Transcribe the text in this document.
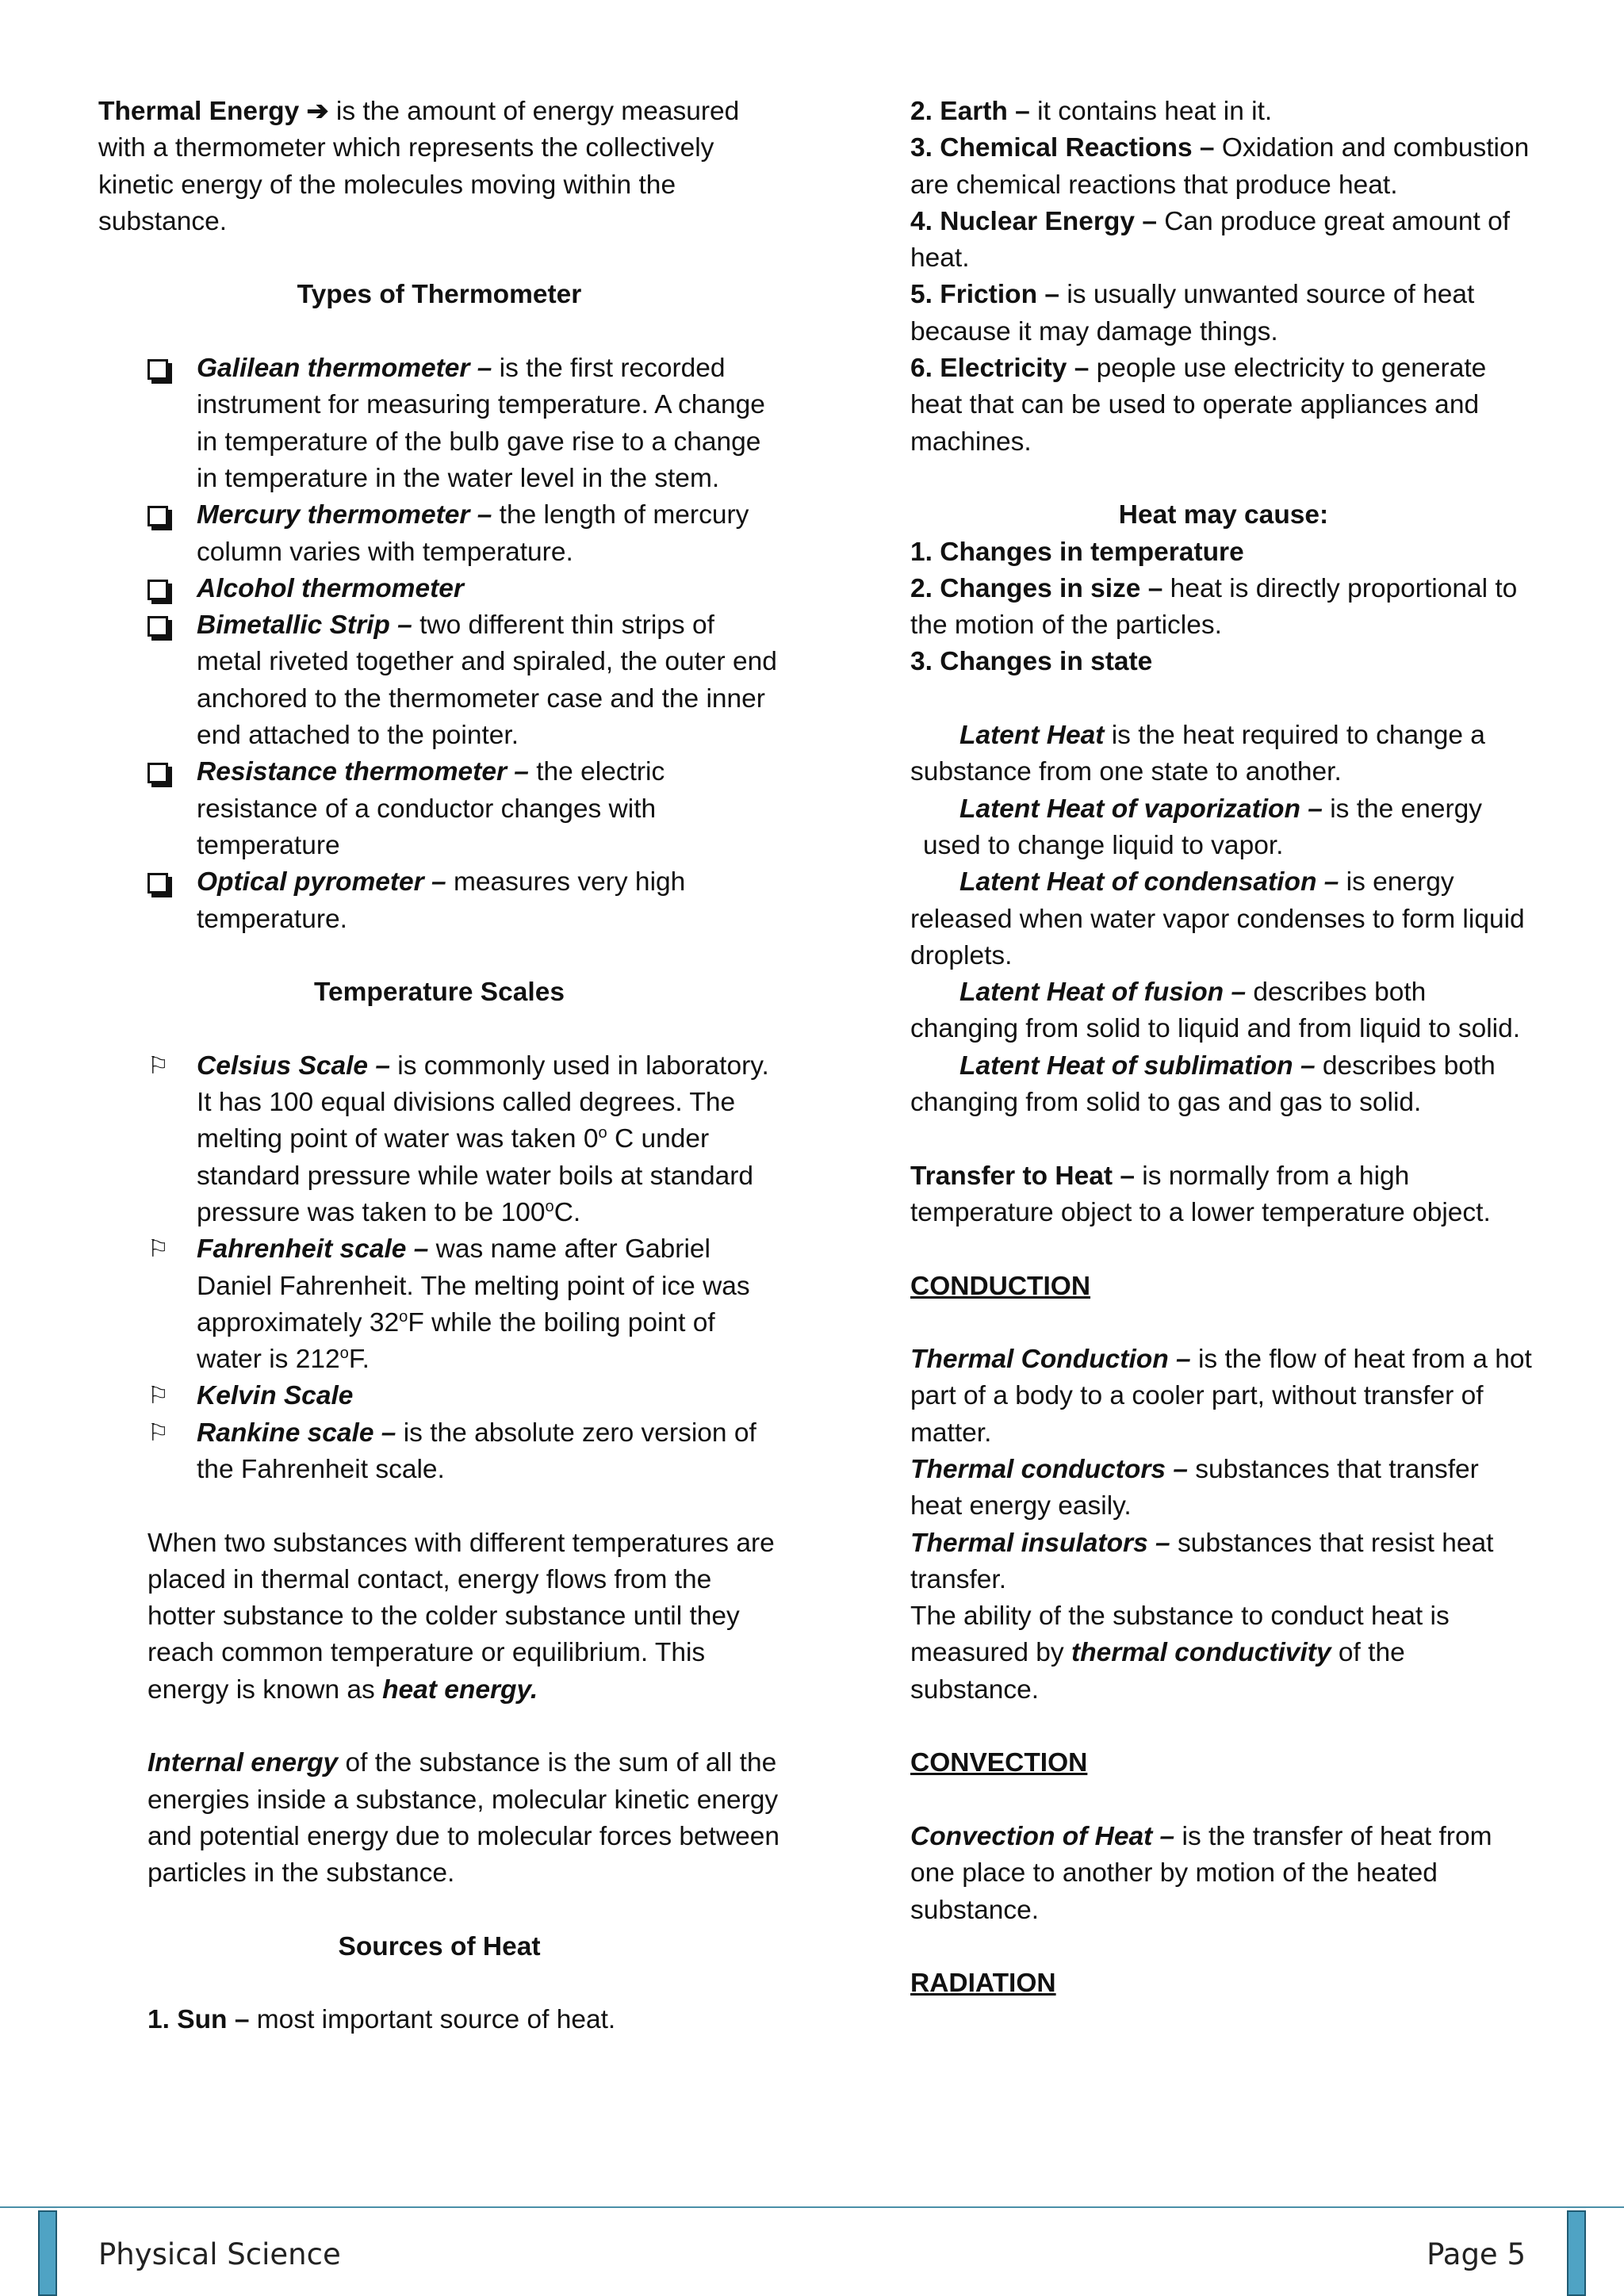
Thermal Energy ➔ is the amount of energy measured with a thermometer which represents the collectively kinetic energy of the molecules moving within the substance.

Types of Thermometer

Galilean thermometer – is the first recorded instrument for measuring temperature. A change in temperature of the bulb gave rise to a change in temperature in the water level in the stem.
Mercury thermometer – the length of mercury column varies with temperature.
Alcohol thermometer
Bimetallic Strip – two different thin strips of metal riveted together and spiraled, the outer end anchored to the thermometer case and the inner end attached to the pointer.
Resistance thermometer – the electric resistance of a conductor changes with temperature
Optical pyrometer – measures very high temperature.

Temperature Scales

⚐	Celsius Scale – is commonly used in laboratory. It has 100 equal divisions called degrees. The melting point of water was taken 0$^o$ C under standard pressure while water boils at standard pressure was taken to be 100$^o$C.
⚐	Fahrenheit scale – was name after Gabriel Daniel Fahrenheit. The melting point of ice was approximately 32$^o$F while the boiling point of water is 212$^o$F.
⚐	Kelvin Scale
⚐	Rankine scale – is the absolute zero version of the Fahrenheit scale.

When two substances with different temperatures are placed in thermal contact, energy flows from the hotter substance to the colder substance until they reach common temperature or equilibrium. This energy is known as heat energy.

Internal energy of the substance is the sum of all the energies inside a substance, molecular kinetic energy and potential energy due to molecular forces between particles in the substance.

Sources of Heat

1. Sun – most important source of heat.

2. Earth – it contains heat in it.

3. Chemical Reactions – Oxidation and combustion are chemical reactions that produce heat.

4. Nuclear Energy – Can produce great amount of heat.

5. Friction – is usually unwanted source of heat because it may damage things.

6. Electricity – people use electricity to generate heat that can be used to operate appliances and machines.

Heat may cause:

1. Changes in temperature

2. Changes in size – heat is directly proportional to the motion of the particles.

3. Changes in state

Latent Heat is the heat required to change a substance from one state to another.

Latent Heat of vaporization – is the energy

used to change liquid to vapor.

Latent Heat of condensation – is energy released when water vapor condenses to form liquid droplets.

Latent Heat of fusion – describes both changing from solid to liquid and from liquid to solid.

Latent Heat of sublimation – describes both changing from solid to gas and gas to solid.

Transfer to Heat – is normally from a high temperature object to a lower temperature object.

CONDUCTION

Thermal Conduction – is the flow of heat from a hot part of a body to a cooler part, without transfer of matter.

Thermal conductors – substances that transfer heat energy easily.

Thermal insulators – substances that resist heat transfer.

The ability of the substance to conduct heat is measured by thermal conductivity of the substance.

CONVECTION

Convection of Heat – is the transfer of heat from one place to another by motion of the heated substance.

RADIATION

Physical Science	Page 5
